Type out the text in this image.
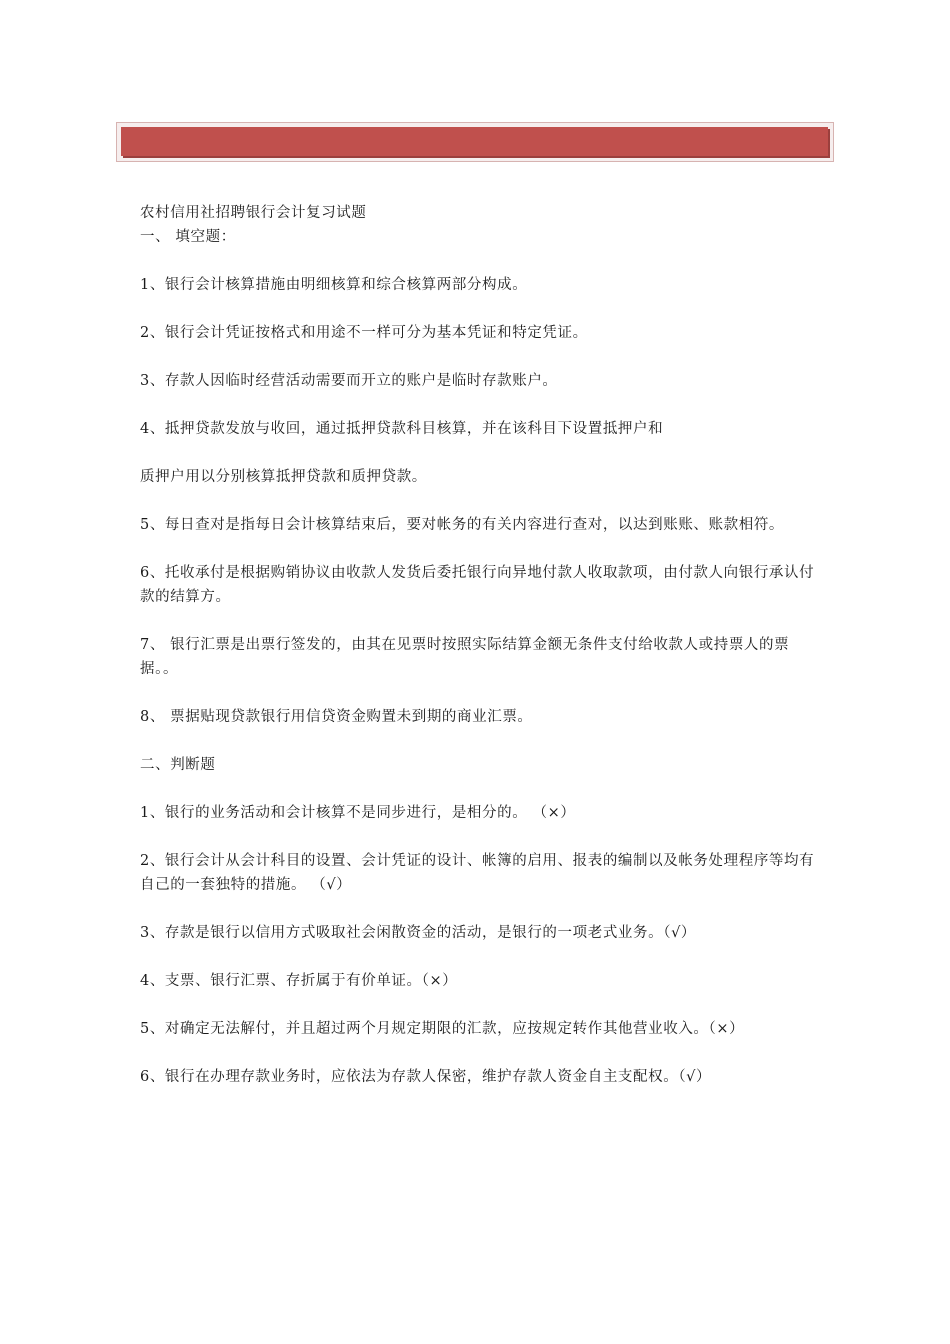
农村信用社招聘银行会计复习试题

一、 填空题：

1、银行会计核算措施由明细核算和综合核算两部分构成。

2、银行会计凭证按格式和用途不一样可分为基本凭证和特定凭证。

3、存款人因临时经营活动需要而开立的账户是临时存款账户。

4、抵押贷款发放与收回，通过抵押贷款科目核算，并在该科目下设置抵押户和

质押户用以分别核算抵押贷款和质押贷款。

5、每日查对是指每日会计核算结束后，要对帐务的有关内容进行查对，以达到账账、账款相符。

6、托收承付是根据购销协议由收款人发货后委托银行向异地付款人收取款项，由付款人向银行承认付款的结算方。

7、 银行汇票是出票行签发的，由其在见票时按照实际结算金额无条件支付给收款人或持票人的票据。。

8、 票据贴现贷款银行用信贷资金购置未到期的商业汇票。

二、判断题

1、银行的业务活动和会计核算不是同步进行，是相分的。 （×）

2、银行会计从会计科目的设置、会计凭证的设计、帐簿的启用、报表的编制以及帐务处理程序等均有自己的一套独特的措施。 （√）

3、存款是银行以信用方式吸取社会闲散资金的活动，是银行的一项老式业务。（√）

4、支票、银行汇票、存折属于有价单证。（×）

5、对确定无法解付，并且超过两个月规定期限的汇款，应按规定转作其他营业收入。（×）

6、银行在办理存款业务时，应依法为存款人保密，维护存款人资金自主支配权。（√）
